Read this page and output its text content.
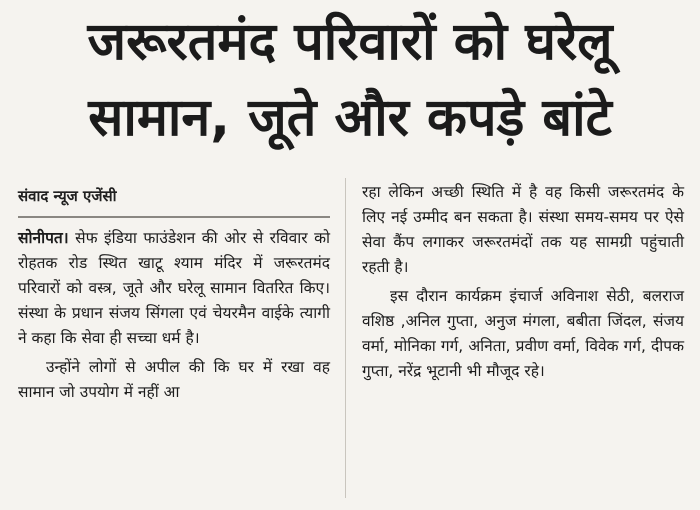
जरूरतमंद परिवारों को घरेलू
सामान, जूते और कपड़े बांटे
संवाद न्यूज एजेंसी

सोनीपत। सेफ इंडिया फाउंडेशन की ओर से रविवार को रोहतक रोड स्थित खाटू श्याम मंदिर में जरूरतमंद परिवारों को वस्त्र, जूते और घरेलू सामान वितरित किए। संस्था के प्रधान संजय सिंगला एवं चेयरमैन वाईके त्यागी ने कहा कि सेवा ही सच्चा धर्म है।

उन्होंने लोगों से अपील की कि घर में रखा वह सामान जो उपयोग में नहीं आ

रहा लेकिन अच्छी स्थिति में है वह किसी जरूरतमंद के लिए नई उम्मीद बन सकता है। संस्था समय-समय पर ऐसे सेवा कैंप लगाकर जरूरतमंदों तक यह सामग्री पहुंचाती रहती है।

इस दौरान कार्यक्रम इंचार्ज अविनाश सेठी, बलराज वशिष्ठ ,अनिल गुप्ता, अनुज मंगला, बबीता जिंदल, संजय वर्मा, मोनिका गर्ग, अनिता, प्रवीण वर्मा, विवेक गर्ग, दीपक गुप्ता, नरेंद्र भूटानी भी मौजूद रहे।
